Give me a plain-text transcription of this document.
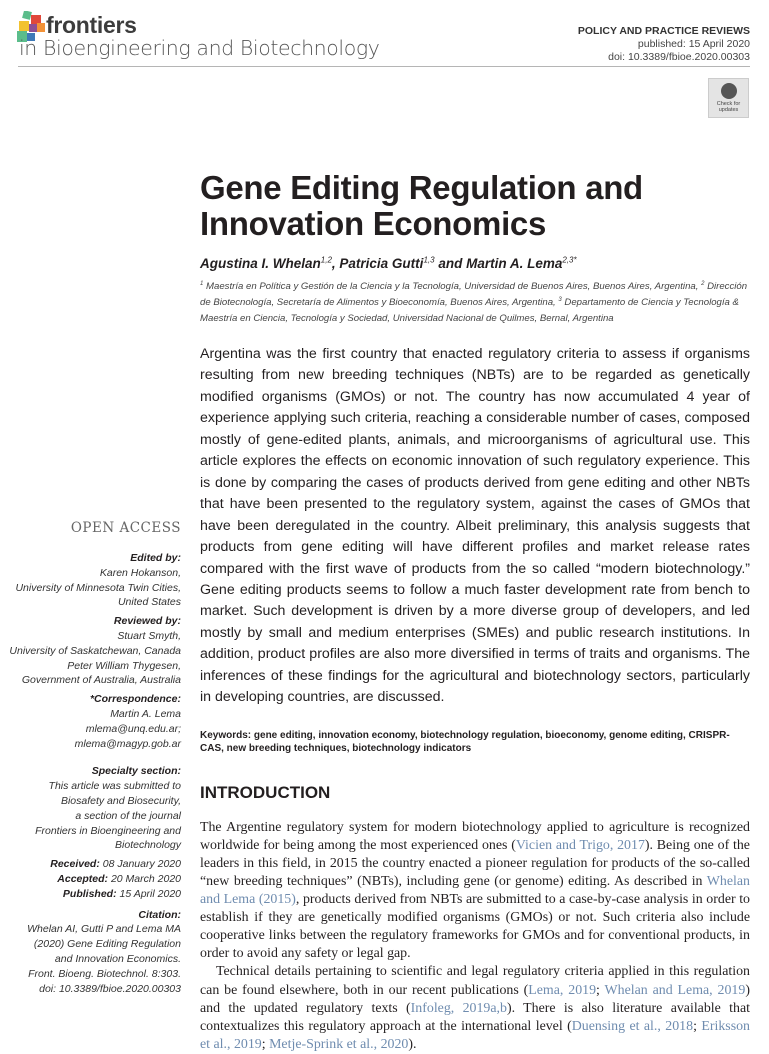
frontiers
in Bioengineering and Biotechnology
POLICY AND PRACTICE REVIEWS
published: 15 April 2020
doi: 10.3389/fbioe.2020.00303
Check for
updates
Gene Editing Regulation and Innovation Economics
Agustina I. Whelan$^{1,2}$, Patricia Gutti$^{1,3}$ and Martin A. Lema$^{2,3*}$
$^1$ Maestría en Política y Gestión de la Ciencia y la Tecnología, Universidad de Buenos Aires, Buenos Aires, Argentina, $^2$ Dirección de Biotecnología, Secretaría de Alimentos y Bioeconomía, Buenos Aires, Argentina, $^3$ Departamento de Ciencia y Tecnología & Maestría en Ciencia, Tecnología y Sociedad, Universidad Nacional de Quilmes, Bernal, Argentina
Argentina was the first country that enacted regulatory criteria to assess if organisms resulting from new breeding techniques (NBTs) are to be regarded as genetically modified organisms (GMOs) or not. The country has now accumulated 4 year of experience applying such criteria, reaching a considerable number of cases, composed mostly of gene-edited plants, animals, and microorganisms of agricultural use. This article explores the effects on economic innovation of such regulatory experience. This is done by comparing the cases of products derived from gene editing and other NBTs that have been presented to the regulatory system, against the cases of GMOs that have been deregulated in the country. Albeit preliminary, this analysis suggests that products from gene editing will have different profiles and market release rates compared with the first wave of products from the so called “modern biotechnology.” Gene editing products seems to follow a much faster development rate from bench to market. Such development is driven by a more diverse group of developers, and led mostly by small and medium enterprises (SMEs) and public research institutions. In addition, product profiles are also more diversified in terms of traits and organisms. The inferences of these findings for the agricultural and biotechnology sectors, particularly in developing countries, are discussed.
Keywords: gene editing, innovation economy, biotechnology regulation, bioeconomy, genome editing, CRISPR-CAS, new breeding techniques, biotechnology indicators
INTRODUCTION

The Argentine regulatory system for modern biotechnology applied to agriculture is recognized worldwide for being among the most experienced ones (Vicien and Trigo, 2017). Being one of the leaders in this field, in 2015 the country enacted a pioneer regulation for products of the so-called “new breeding techniques” (NBTs), including gene (or genome) editing. As described in Whelan and Lema (2015), products derived from NBTs are submitted to a case-by-case analysis in order to establish if they are genetically modified organisms (GMOs) or not. Such criteria also include cooperative links between the regulatory frameworks for GMOs and for conventional products, in order to avoid any safety or legal gap.

Technical details pertaining to scientific and legal regulatory criteria applied in this regulation can be found elsewhere, both in our recent publications (Lema, 2019; Whelan and Lema, 2019) and the updated regulatory texts (Infoleg, 2019a,b). There is also literature available that contextualizes this regulatory approach at the international level (Duensing et al., 2018; Eriksson et al., 2019; Metje-Sprink et al., 2020).

OPEN ACCESS
Edited by:
Karen Hokanson,
University of Minnesota Twin Cities,
United States
Reviewed by:
Stuart Smyth,
University of Saskatchewan, Canada
Peter William Thygesen,
Government of Australia, Australia
*Correspondence:
Martin A. Lema
mlema@unq.edu.ar;
mlema@magyp.gob.ar
Specialty section:
This article was submitted to
Biosafety and Biosecurity,
a section of the journal
Frontiers in Bioengineering and
Biotechnology
Received: 08 January 2020
Accepted: 20 March 2020
Published: 15 April 2020
Citation:
Whelan AI, Gutti P and Lema MA
(2020) Gene Editing Regulation
and Innovation Economics.
Front. Bioeng. Biotechnol. 8:303.
doi: 10.3389/fbioe.2020.00303
